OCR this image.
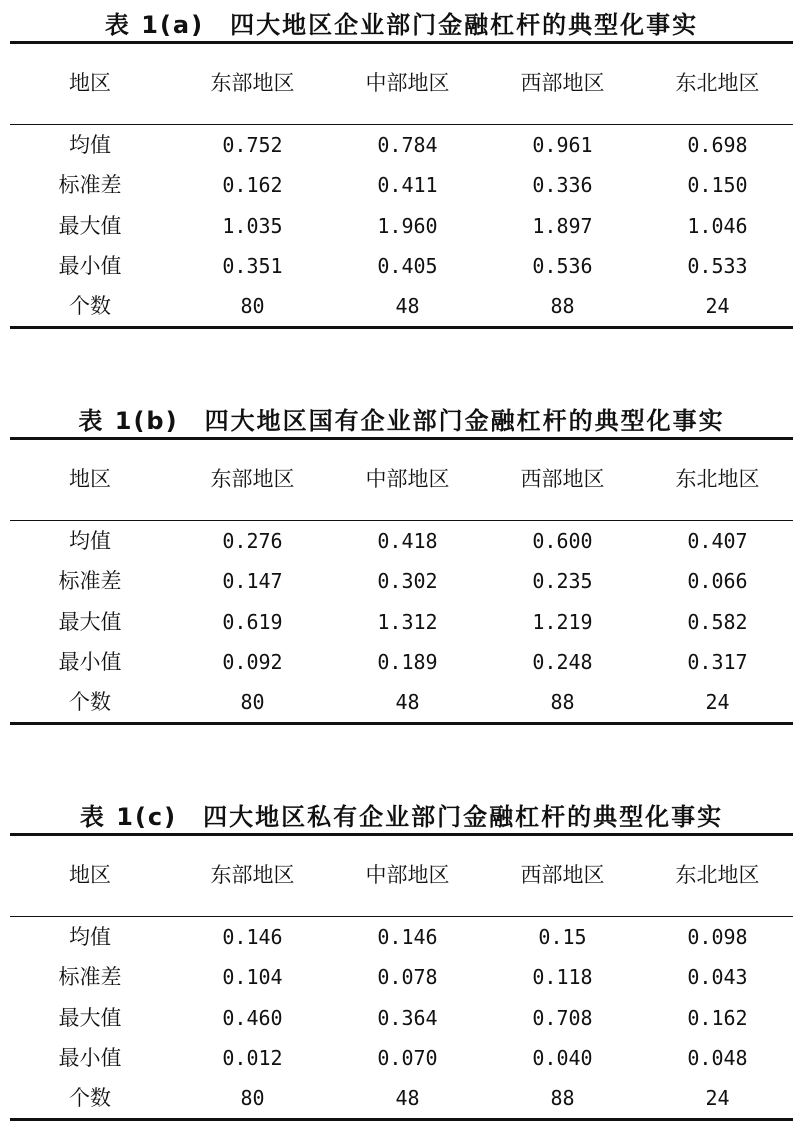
表 1(a) 四大地区企业部门金融杠杆的典型化事实
地区	东部地区	中部地区	西部地区	东北地区
均值	0.752	0.784	0.961	0.698
标准差	0.162	0.411	0.336	0.150
最大值	1.035	1.960	1.897	1.046
最小值	0.351	0.405	0.536	0.533
个数	80	48	88	24
表 1(b) 四大地区国有企业部门金融杠杆的典型化事实
地区	东部地区	中部地区	西部地区	东北地区
均值	0.276	0.418	0.600	0.407
标准差	0.147	0.302	0.235	0.066
最大值	0.619	1.312	1.219	0.582
最小值	0.092	0.189	0.248	0.317
个数	80	48	88	24
表 1(c) 四大地区私有企业部门金融杠杆的典型化事实
地区	东部地区	中部地区	西部地区	东北地区
均值	0.146	0.146	0.15	0.098
标准差	0.104	0.078	0.118	0.043
最大值	0.460	0.364	0.708	0.162
最小值	0.012	0.070	0.040	0.048
个数	80	48	88	24
